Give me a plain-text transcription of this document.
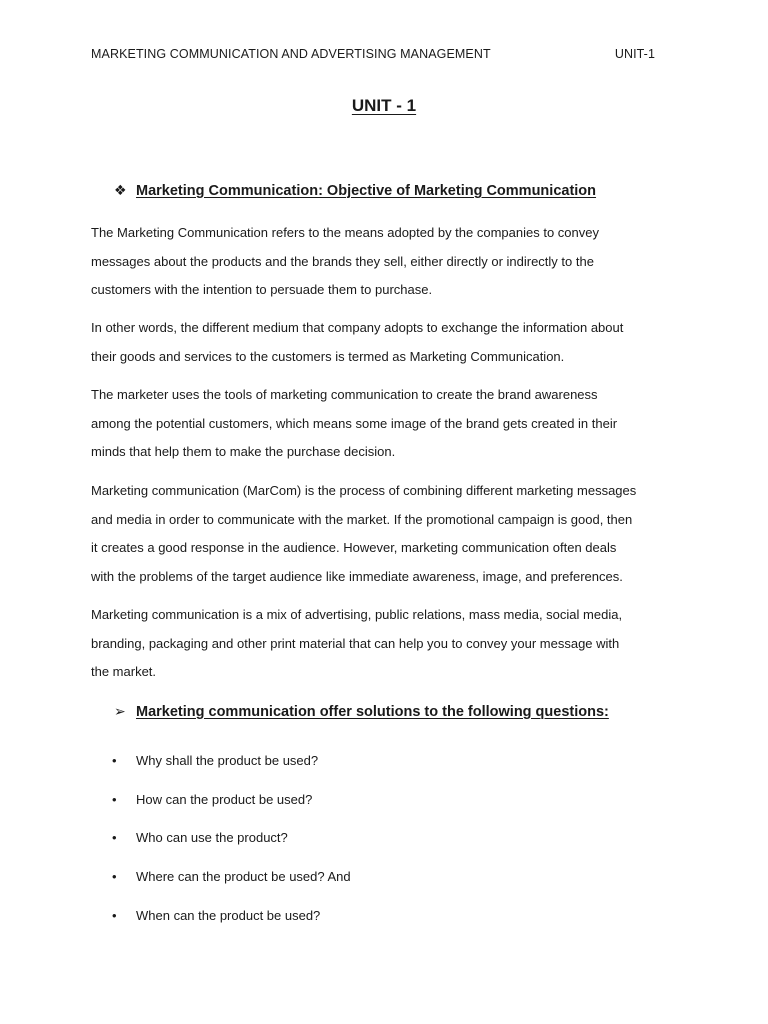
MARKETING COMMUNICATION AND ADVERTISING MANAGEMENT	UNIT-1
UNIT - 1
❖ Marketing Communication: Objective of Marketing Communication

The Marketing Communication refers to the means adopted by the companies to convey
messages about the products and the brands they sell, either directly or indirectly to the
customers with the intention to persuade them to purchase.

In other words, the different medium that company adopts to exchange the information about
their goods and services to the customers is termed as Marketing Communication.

The marketer uses the tools of marketing communication to create the brand awareness
among the potential customers, which means some image of the brand gets created in their
minds that help them to make the purchase decision.

Marketing communication (MarCom) is the process of combining different marketing messages
and media in order to communicate with the market. If the promotional campaign is good, then
it creates a good response in the audience. However, marketing communication often deals
with the problems of the target audience like immediate awareness, image, and preferences.

Marketing communication is a mix of advertising, public relations, mass media, social media,
branding, packaging and other print material that can help you to convey your message with
the market.

➢ Marketing communication offer solutions to the following questions:
•	Why shall the product be used?
•	How can the product be used?
•	Who can use the product?
•	Where can the product be used? And
•	When can the product be used?
